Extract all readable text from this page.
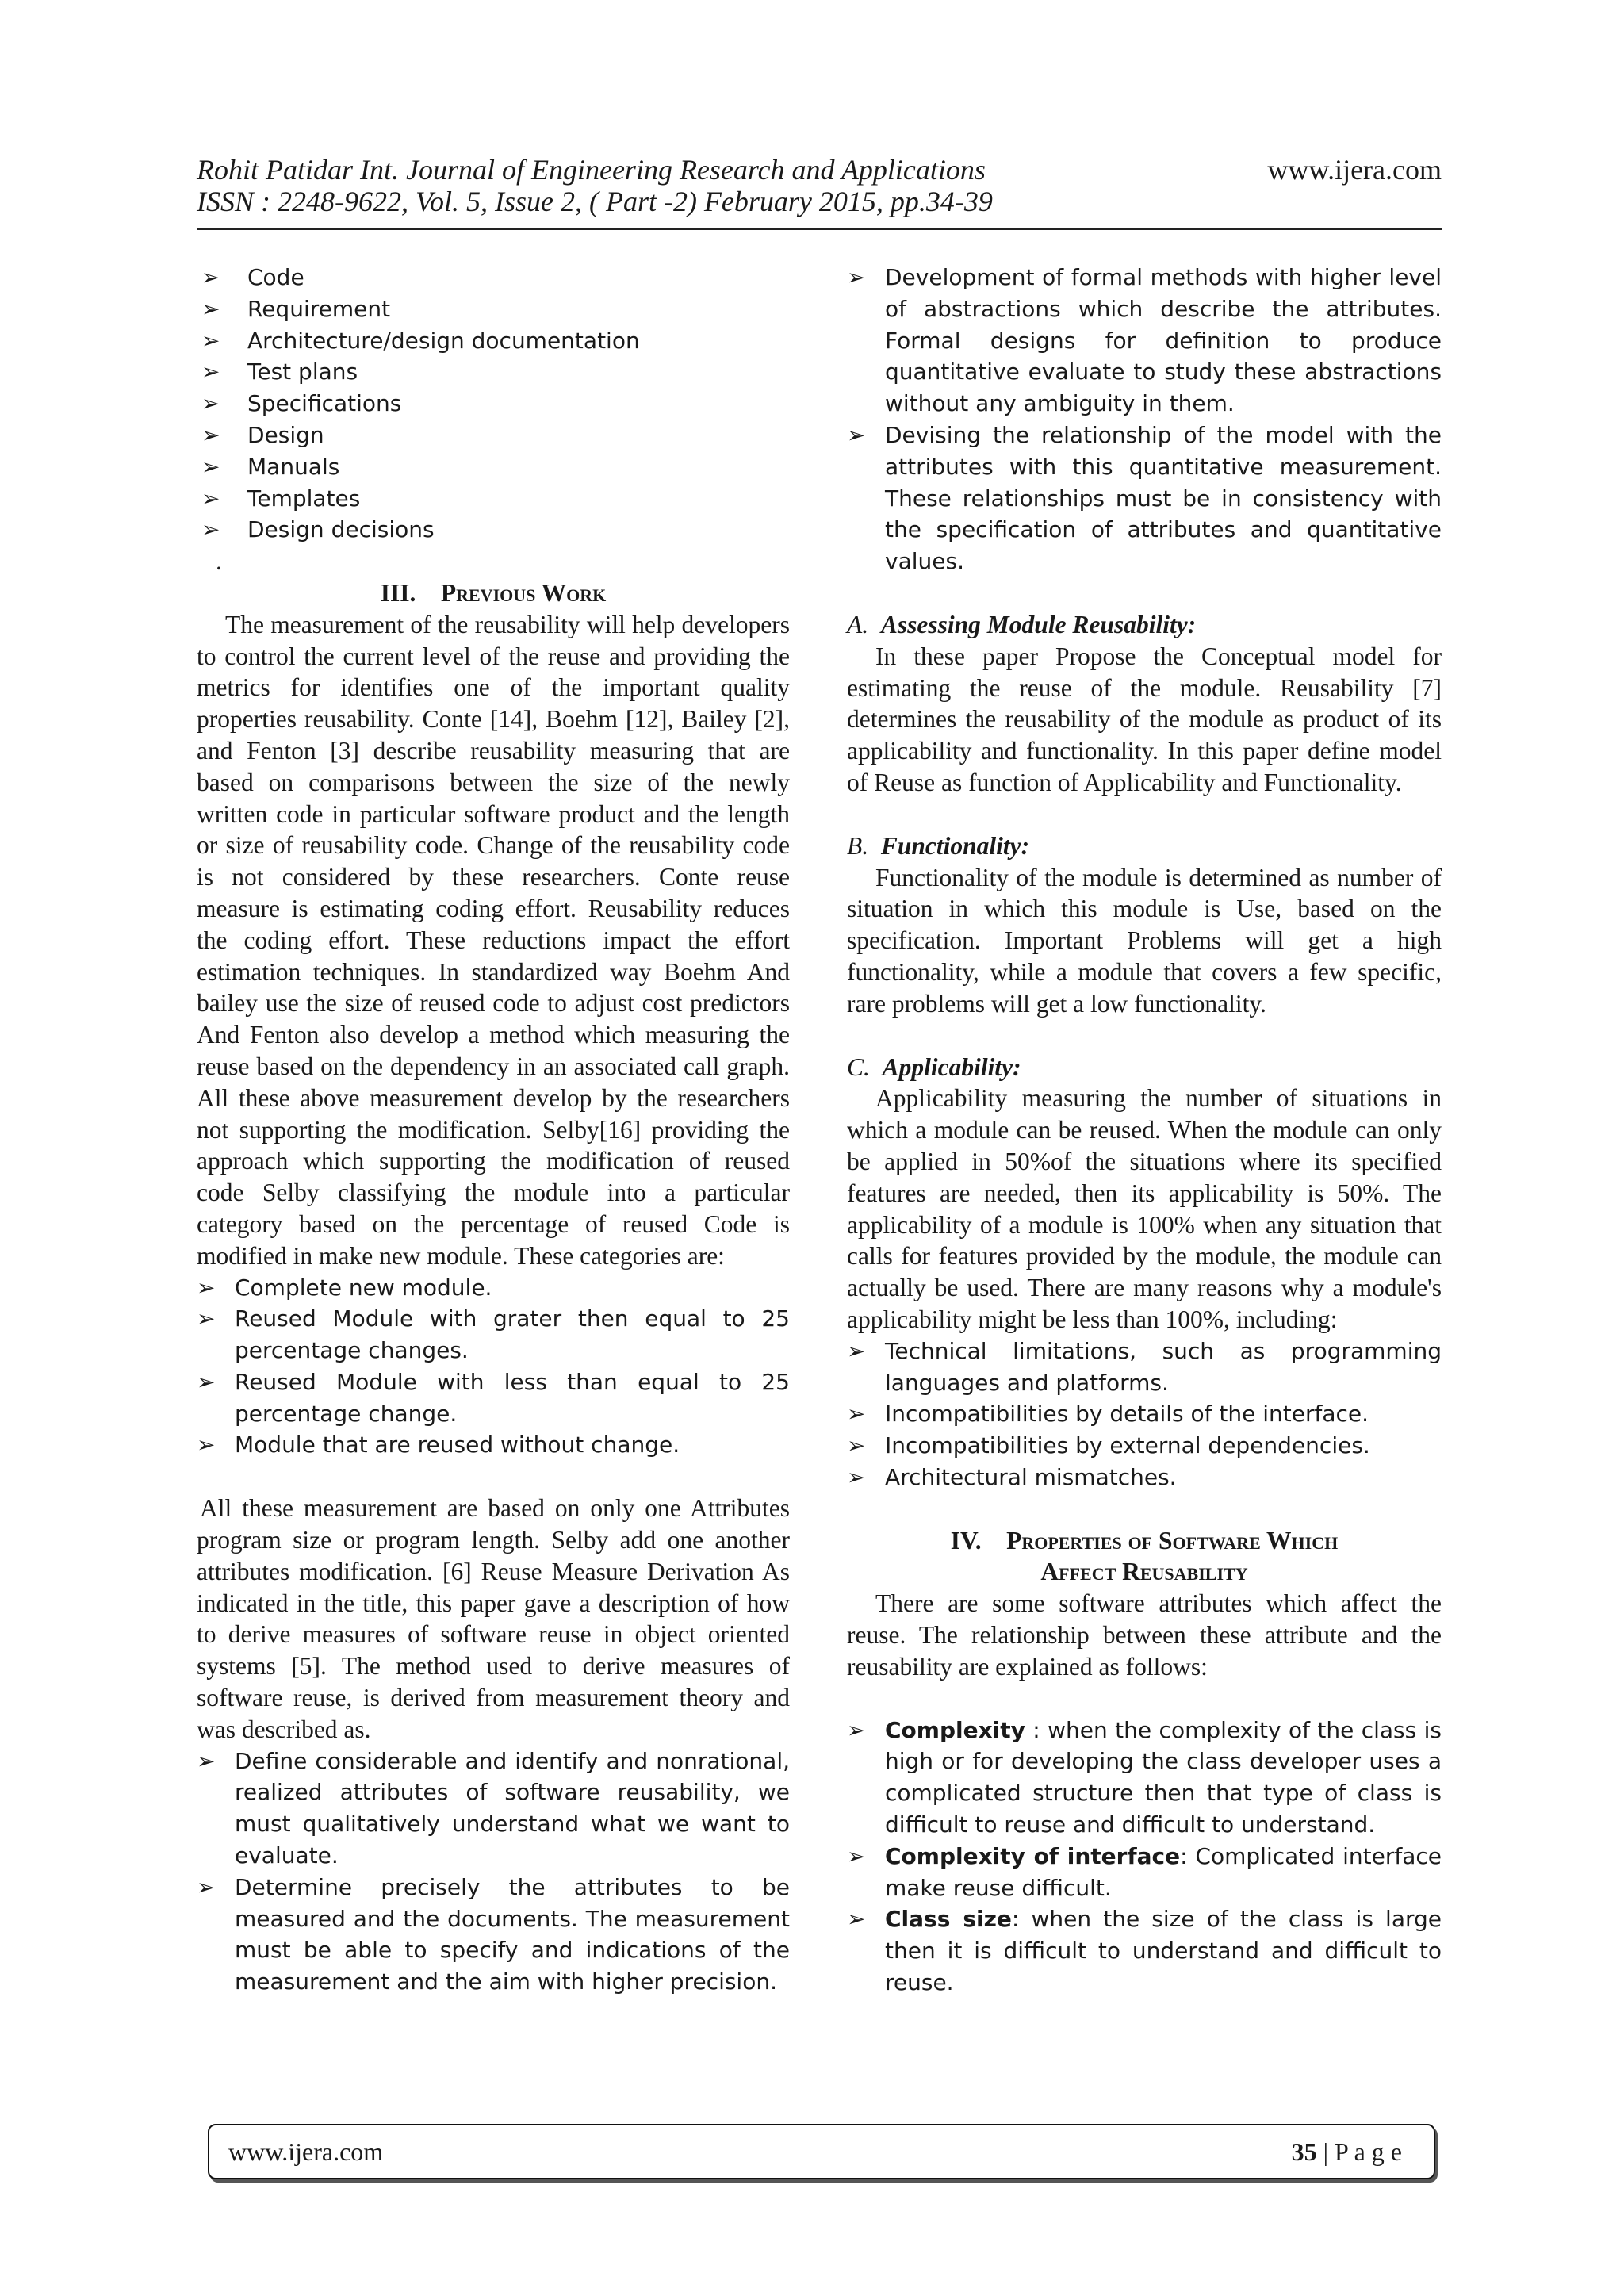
Rohit Patidar Int. Journal of Engineering Research and Applications	www.ijera.com
ISSN : 2248-9622, Vol. 5, Issue 2, ( Part -2) February 2015, pp.34-39
➢ Code
➢ Requirement
➢ Architecture/design documentation
➢ Test plans
➢ Specifications
➢ Design
➢ Manuals
➢ Templates
➢ Design decisions

.

III. Previous Work

The measurement of the reusability will help developers to control the current level of the reuse and providing the metrics for identifies one of the important quality properties reusability. Conte [14], Boehm [12], Bailey [2], and Fenton [3] describe reusability measuring that are based on comparisons between the size of the newly written code in particular software product and the length or size of reusability code. Change of the reusability code is not considered by these researchers. Conte reuse measure is estimating coding effort. Reusability reduces the coding effort. These reductions impact the effort estimation techniques. In standardized way Boehm And bailey use the size of reused code to adjust cost predictors And Fenton also develop a method which measuring the reuse based on the dependency in an associated call graph. All these above measurement develop by the researchers not supporting the modification. Selby[16] providing the approach which supporting the modification of reused code Selby classifying the module into a particular category based on the percentage of reused Code is modified in make new module. These categories are:

➢ Complete new module.
➢ Reused Module with grater then equal to 25 percentage changes.
➢ Reused Module with less than equal to 25 percentage change.
➢ Module that are reused without change.

All these measurement are based on only one Attributes program size or program length. Selby add one another attributes modification. [6] Reuse Measure Derivation As indicated in the title, this paper gave a description of how to derive measures of software reuse in object oriented systems [5]. The method used to derive measures of software reuse, is derived from measurement theory and was described as.

➢ Define considerable and identify and nonrational, realized attributes of software reusability, we must qualitatively understand what we want to evaluate.
➢ Determine precisely the attributes to be measured and the documents. The measurement must be able to specify and indications of the measurement and the aim with higher precision.
➢ Development of formal methods with higher level of abstractions which describe the attributes. Formal designs for definition to produce quantitative evaluate to study these abstractions without any ambiguity in them.
➢ Devising the relationship of the model with the attributes with this quantitative measurement. These relationships must be in consistency with the specification of attributes and quantitative values.

A. Assessing Module Reusability:

In these paper Propose the Conceptual model for estimating the reuse of the module. Reusability [7] determines the reusability of the module as product of its applicability and functionality. In this paper define model of Reuse as function of Applicability and Functionality.

B. Functionality:

Functionality of the module is determined as number of situation in which this module is Use, based on the specification. Important Problems will get a high functionality, while a module that covers a few specific, rare problems will get a low functionality.

C. Applicability:

Applicability measuring the number of situations in which a module can be reused. When the module can only be applied in 50%of the situations where its specified features are needed, then its applicability is 50%. The applicability of a module is 100% when any situation that calls for features provided by the module, the module can actually be used. There are many reasons why a module's applicability might be less than 100%, including:

➢ Technical limitations, such as programming languages and platforms.
➢ Incompatibilities by details of the interface.
➢ Incompatibilities by external dependencies.
➢ Architectural mismatches.

IV. Properties of Software Which
Affect Reusability

There are some software attributes which affect the reuse. The relationship between these attribute and the reusability are explained as follows:

➢ Complexity : when the complexity of the class is high or for developing the class developer uses a complicated structure then that type of class is difficult to reuse and difficult to understand.
➢ Complexity of interface: Complicated interface make reuse difficult.
➢ Class size: when the size of the class is large then it is difficult to understand and difficult to reuse.
www.ijera.com	35 | P a g e
